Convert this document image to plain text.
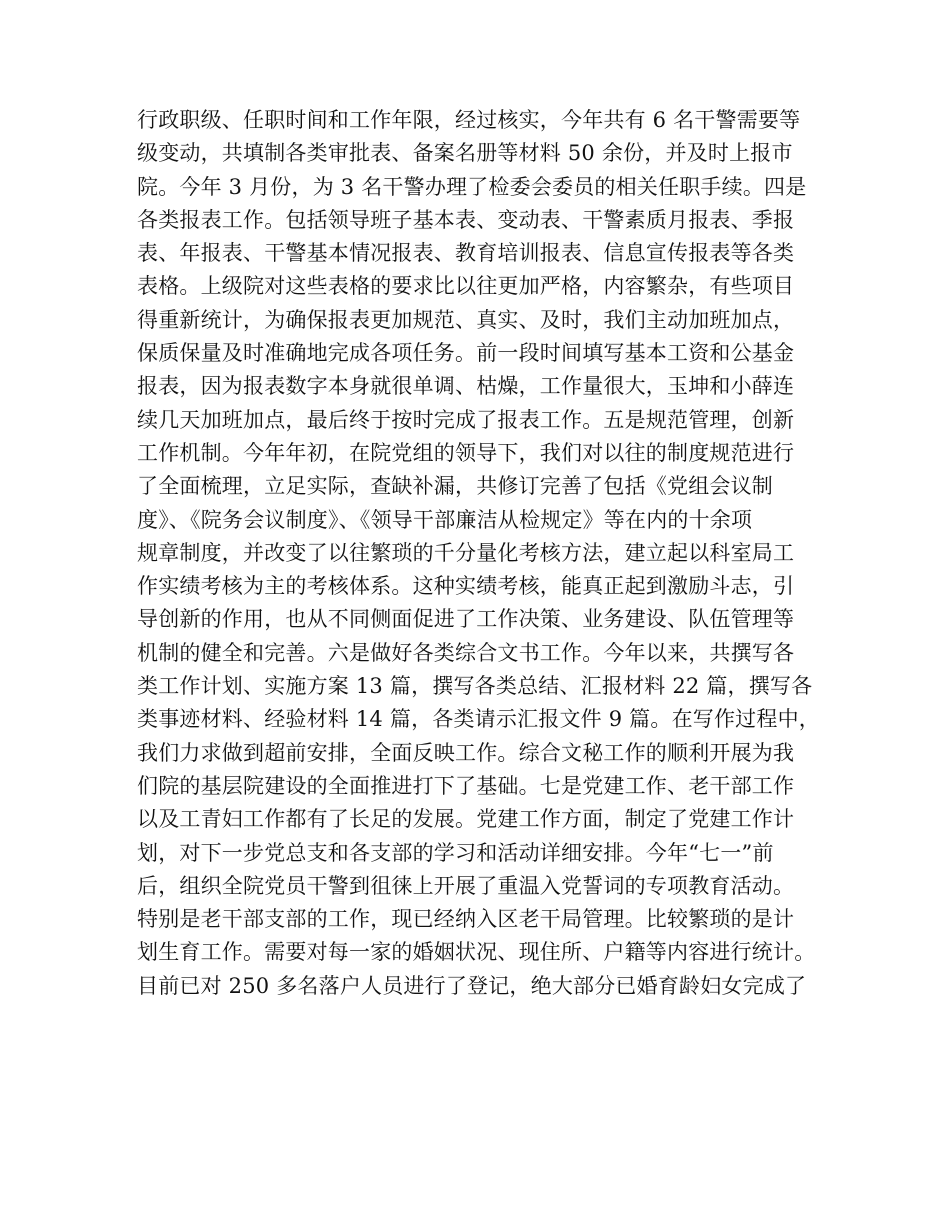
行政职级、任职时间和工作年限，经过核实，今年共有 6 名干警需要等
级变动，共填制各类审批表、备案名册等材料 50 余份，并及时上报市
院。今年 3 月份，为 3 名干警办理了检委会委员的相关任职手续。四是
各类报表工作。包括领导班子基本表、变动表、干警素质月报表、季报
表、年报表、干警基本情况报表、教育培训报表、信息宣传报表等各类
表格。上级院对这些表格的要求比以往更加严格，内容繁杂，有些项目
得重新统计，为确保报表更加规范、真实、及时，我们主动加班加点，
保质保量及时准确地完成各项任务。前一段时间填写基本工资和公基金
报表，因为报表数字本身就很单调、枯燥，工作量很大，玉坤和小薛连
续几天加班加点，最后终于按时完成了报表工作。五是规范管理，创新
工作机制。今年年初，在院党组的领导下，我们对以往的制度规范进行
了全面梳理，立足实际，查缺补漏，共修订完善了包括《党组会议制
度》、《院务会议制度》、《领导干部廉洁从检规定》等在内的十余项
规章制度，并改变了以往繁琐的千分量化考核方法，建立起以科室局工
作实绩考核为主的考核体系。这种实绩考核，能真正起到激励斗志，引
导创新的作用，也从不同侧面促进了工作决策、业务建设、队伍管理等
机制的健全和完善。六是做好各类综合文书工作。今年以来，共撰写各
类工作计划、实施方案 13 篇，撰写各类总结、汇报材料 22 篇，撰写各
类事迹材料、经验材料 14 篇，各类请示汇报文件 9 篇。在写作过程中，
我们力求做到超前安排，全面反映工作。综合文秘工作的顺利开展为我
们院的基层院建设的全面推进打下了基础。七是党建工作、老干部工作
以及工青妇工作都有了长足的发展。党建工作方面，制定了党建工作计
划，对下一步党总支和各支部的学习和活动详细安排。今年“七一”前
后，组织全院党员干警到徂徕上开展了重温入党誓词的专项教育活动。
特别是老干部支部的工作，现已经纳入区老干局管理。比较繁琐的是计
划生育工作。需要对每一家的婚姻状况、现住所、户籍等内容进行统计。
目前已对 250 多名落户人员进行了登记，绝大部分已婚育龄妇女完成了
